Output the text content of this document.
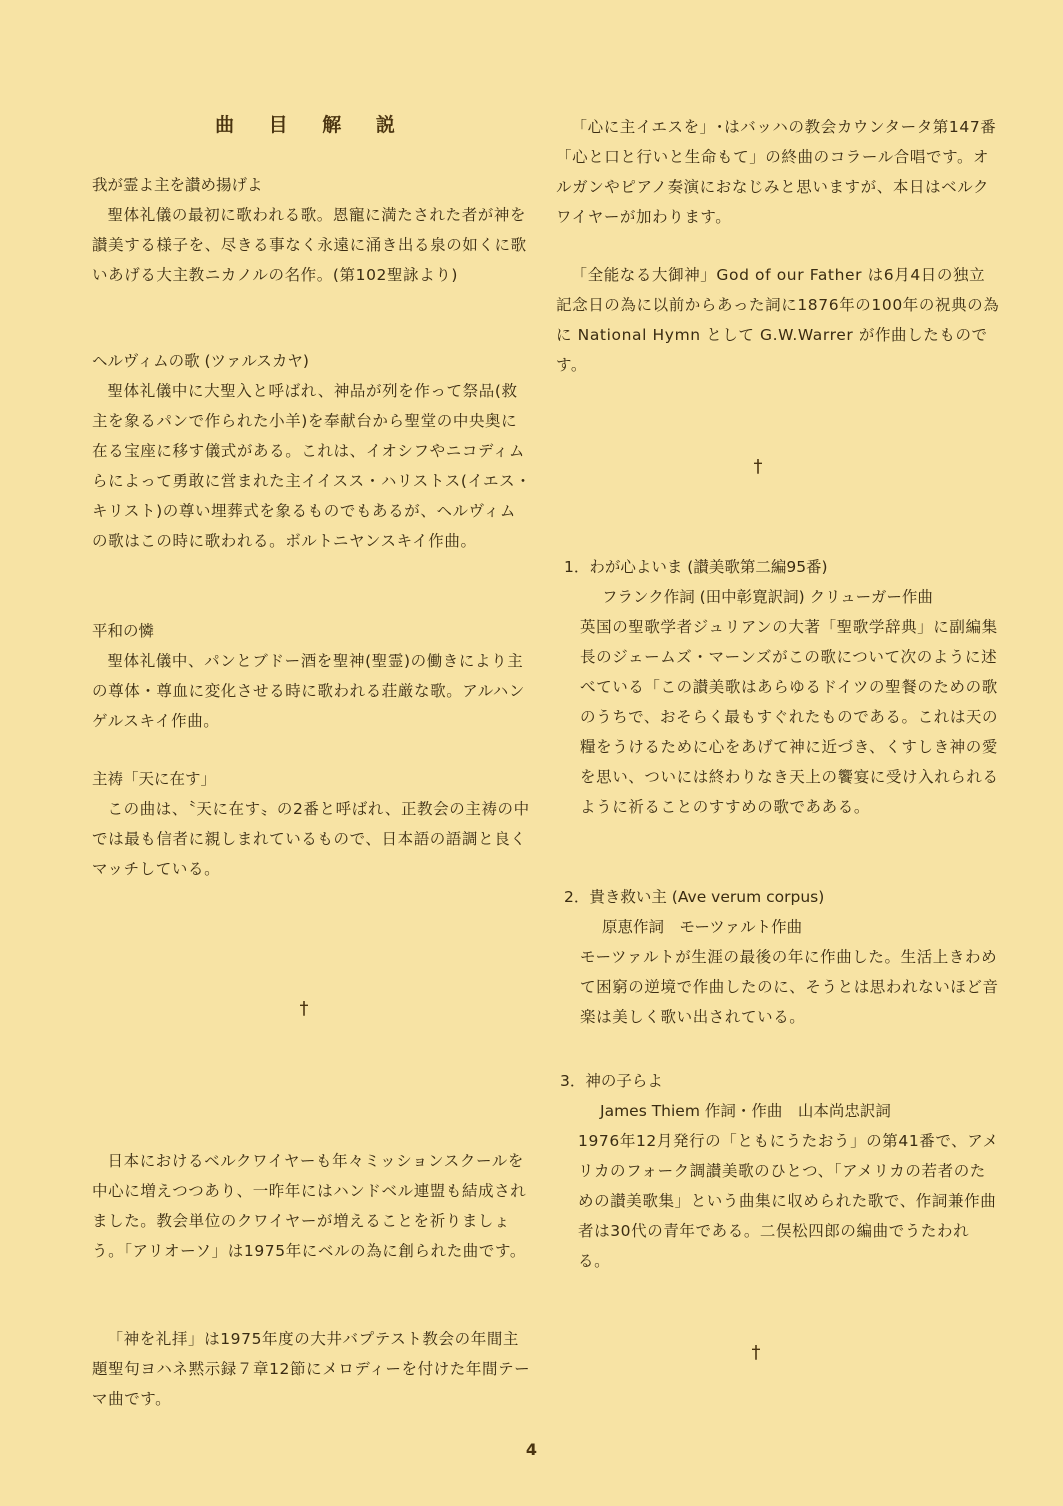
曲 目 解 説
我が霊よ主を讃め揚げよ

聖体礼儀の最初に歌われる歌。恩寵に満たされた者が神を讃美する様子を、尽きる事なく永遠に涌き出る泉の如くに歌いあげる大主教ニカノルの名作。(第102聖詠より)

ヘルヴィムの歌 (ツァルスカヤ)

聖体礼儀中に大聖入と呼ばれ、神品が列を作って祭品(救主を象るパンで作られた小羊)を奉献台から聖堂の中央奥に在る宝座に移す儀式がある。これは、イオシフやニコディムらによって勇敢に営まれた主イイスス・ハリストス(イエス・キリスト)の尊い埋葬式を象るものでもあるが、ヘルヴィムの歌はこの時に歌われる。ボルトニヤンスキイ作曲。

平和の憐

聖体礼儀中、パンとブドー酒を聖神(聖霊)の働きにより主の尊体・尊血に変化させる時に歌われる荘厳な歌。アルハンゲルスキイ作曲。

主祷「天に在す」

この曲は、〝天に在す〟の2番と呼ばれ、正教会の主祷の中では最も信者に親しまれているもので、日本語の語調と良くマッチしている。

†

日本におけるベルクワイヤーも年々ミッションスクールを中心に増えつつあり、一昨年にはハンドベル連盟も結成されました。教会単位のクワイヤーが増えることを祈りましょう。「アリオーソ」は1975年にベルの為に創られた曲です。

「神を礼拝」は1975年度の大井バプテスト教会の年間主題聖句ヨハネ黙示録７章12節にメロディーを付けた年間テーマ曲です。

「心に主イエスを」･はバッハの教会カウンタータ第147番「心と口と行いと生命もて」の終曲のコラール合唱です。オルガンやピアノ奏演におなじみと思いますが、本日はベルクワイヤーが加わります。

「全能なる大御神」God of our Father は6月4日の独立記念日の為に以前からあった詞に1876年の100年の祝典の為に National Hymn として G.W.Warrer が作曲したものです。

†
1．わが心よいま (讃美歌第二編95番)
フランク作詞 (田中彰寛訳詞) クリューガー作曲

英国の聖歌学者ジュリアンの大著「聖歌学辞典」に副編集長のジェームズ・マーンズがこの歌について次のように述べている「この讃美歌はあらゆるドイツの聖餐のための歌のうちで、おそらく最もすぐれたものである。これは天の糧をうけるために心をあげて神に近づき、くすしき神の愛を思い、ついには終わりなき天上の饗宴に受け入れられるように祈ることのすすめの歌であある。

2．貴き救い主 (Ave verum corpus)
原恵作詞　モーツァルト作曲

モーツァルトが生涯の最後の年に作曲した。生活上きわめて困窮の逆境で作曲したのに、そうとは思われないほど音楽は美しく歌い出されている。

3．神の子らよ
James Thiem 作詞・作曲　山本尚忠訳詞

1976年12月発行の「ともにうたおう」の第41番で、アメリカのフォーク調讃美歌のひとつ、「アメリカの若者のための讃美歌集」という曲集に収められた歌で、作詞兼作曲者は30代の青年である。二俣松四郎の編曲でうたわれる。

†
4
